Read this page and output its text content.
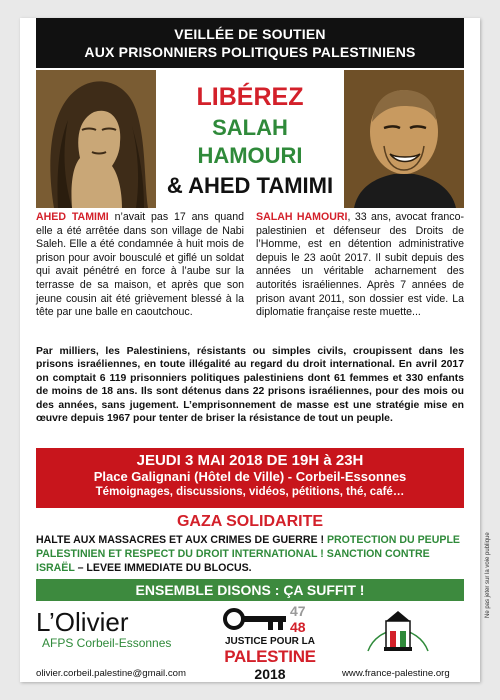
VEILLÉE DE SOUTIEN
AUX PRISONNIERS POLITIQUES PALESTINIENS
LIBÉREZ
SALAH HAMOURI
& AHED TAMIMI
AHED TAMIMI n’avait pas 17 ans quand elle a été arrêtée dans son village de Nabi Saleh. Elle a été condamnée à huit mois de prison pour avoir bousculé et giflé un soldat qui avait pénétré en force à l’aube sur la terrasse de sa maison, et après que son jeune cousin ait été grièvement blessé à la tête par une balle en caoutchouc.
SALAH HAMOURI, 33 ans, avocat franco-palestinien et défenseur des Droits de l’Homme, est en détention administrative depuis le 23 août 2017. Il subit depuis des années un véritable acharnement des autorités israéliennes. Après 7 années de prison avant 2011, son dossier est vide. La diplomatie française reste muette...
Par milliers, les Palestiniens, résistants ou simples civils, croupissent dans les prisons israéliennes, en toute illégalité au regard du droit international. En avril 2017 on comptait 6 119 prisonniers politiques palestiniens dont 61 femmes et 330 enfants de moins de 18 ans. Ils sont détenus dans 22 prisons israéliennes, pour des mois ou des années, sans jugement. L’emprisonnement de masse est une stratégie mise en œuvre depuis 1967 pour tenter de briser la résistance de tout un peuple.
JEUDI 3 MAI 2018 DE 19H à 23H
Place Galignani (Hôtel de Ville) - Corbeil-Essonnes
Témoignages, discussions, vidéos, pétitions, thé, café…
GAZA SOLIDARITE
HALTE AUX MASSACRES ET AUX CRIMES DE GUERRE ! PROTECTION DU PEUPLE PALESTINIEN ET RESPECT DU DROIT INTERNATIONAL ! SANCTION CONTRE ISRAËL – LEVEE IMMEDIATE DU BLOCUS.
ENSEMBLE DISONS : ÇA SUFFIT !
L’Olivier
AFPS Corbeil-Essonnes
olivier.corbeil.palestine@gmail.com
47
48
JUSTICE POUR LA
PALESTINE
2018	www.france-palestine.org
Ne pas jeter sur la voie publique
